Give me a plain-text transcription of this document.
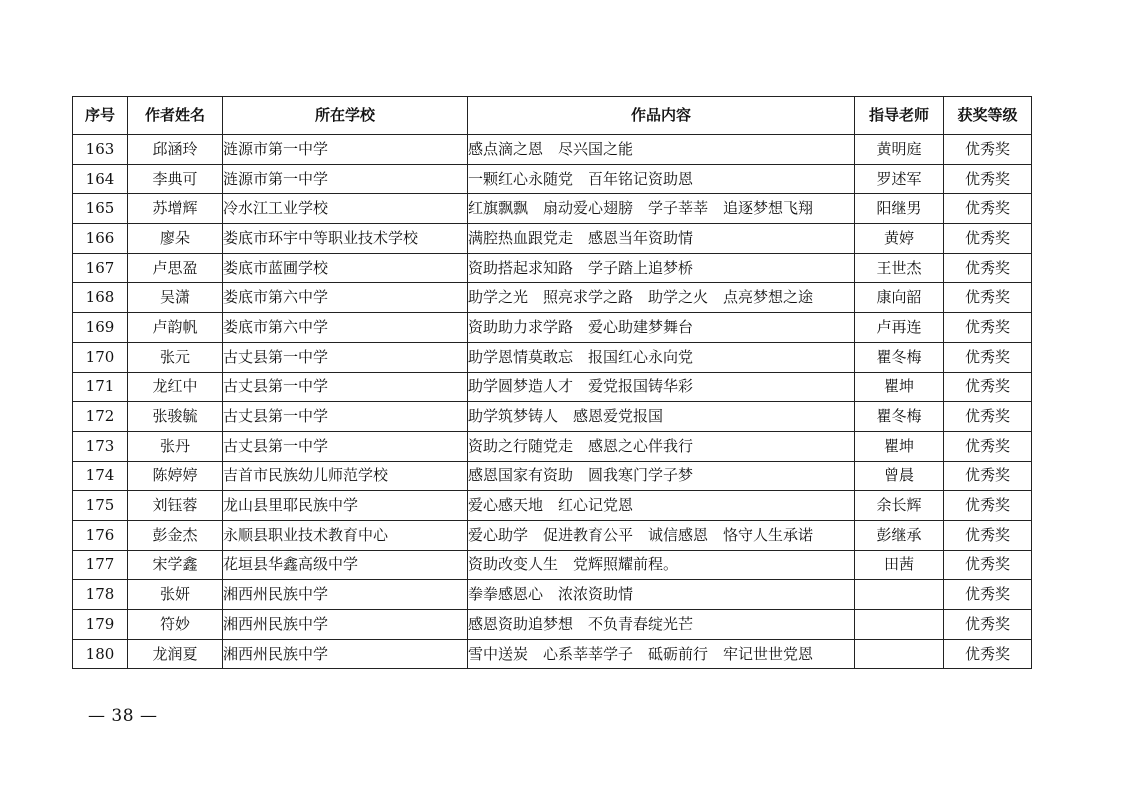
序号	作者姓名	所在学校	作品内容	指导老师	获奖等级
163	邱涵玲	涟源市第一中学	感点滴之恩　尽兴国之能	黄明庭	优秀奖
164	李典可	涟源市第一中学	一颗红心永随党　百年铭记资助恩	罗述军	优秀奖
165	苏增辉	冷水江工业学校	红旗飘飘　扇动爱心翅膀　学子莘莘　追逐梦想飞翔	阳继男	优秀奖
166	廖朵	娄底市环宇中等职业技术学校	满腔热血跟党走　感恩当年资助情	黄婷	优秀奖
167	卢思盈	娄底市蓝圃学校	资助搭起求知路　学子踏上追梦桥	王世杰	优秀奖
168	吴潇	娄底市第六中学	助学之光　照亮求学之路　助学之火　点亮梦想之途	康向韶	优秀奖
169	卢韵帆	娄底市第六中学	资助助力求学路　爱心助建梦舞台	卢再连	优秀奖
170	张元	古丈县第一中学	助学恩情莫敢忘　报国红心永向党	瞿冬梅	优秀奖
171	龙红中	古丈县第一中学	助学圆梦造人才　爱党报国铸华彩	瞿坤	优秀奖
172	张骏毓	古丈县第一中学	助学筑梦铸人　感恩爱党报国	瞿冬梅	优秀奖
173	张丹	古丈县第一中学	资助之行随党走　感恩之心伴我行	瞿坤	优秀奖
174	陈婷婷	吉首市民族幼儿师范学校	感恩国家有资助　圆我寒门学子梦	曾晨	优秀奖
175	刘钰蓉	龙山县里耶民族中学	爱心感天地　红心记党恩	余长辉	优秀奖
176	彭金杰	永顺县职业技术教育中心	爱心助学　促进教育公平　诚信感恩　恪守人生承诺	彭继承	优秀奖
177	宋学鑫	花垣县华鑫高级中学	资助改变人生　党辉照耀前程。	田茜	优秀奖
178	张妍	湘西州民族中学	拳拳感恩心　浓浓资助情		优秀奖
179	符妙	湘西州民族中学	感恩资助追梦想　不负青春绽光芒		优秀奖
180	龙润夏	湘西州民族中学	雪中送炭　心系莘莘学子　砥砺前行　牢记世世党恩		优秀奖
— 38 —
